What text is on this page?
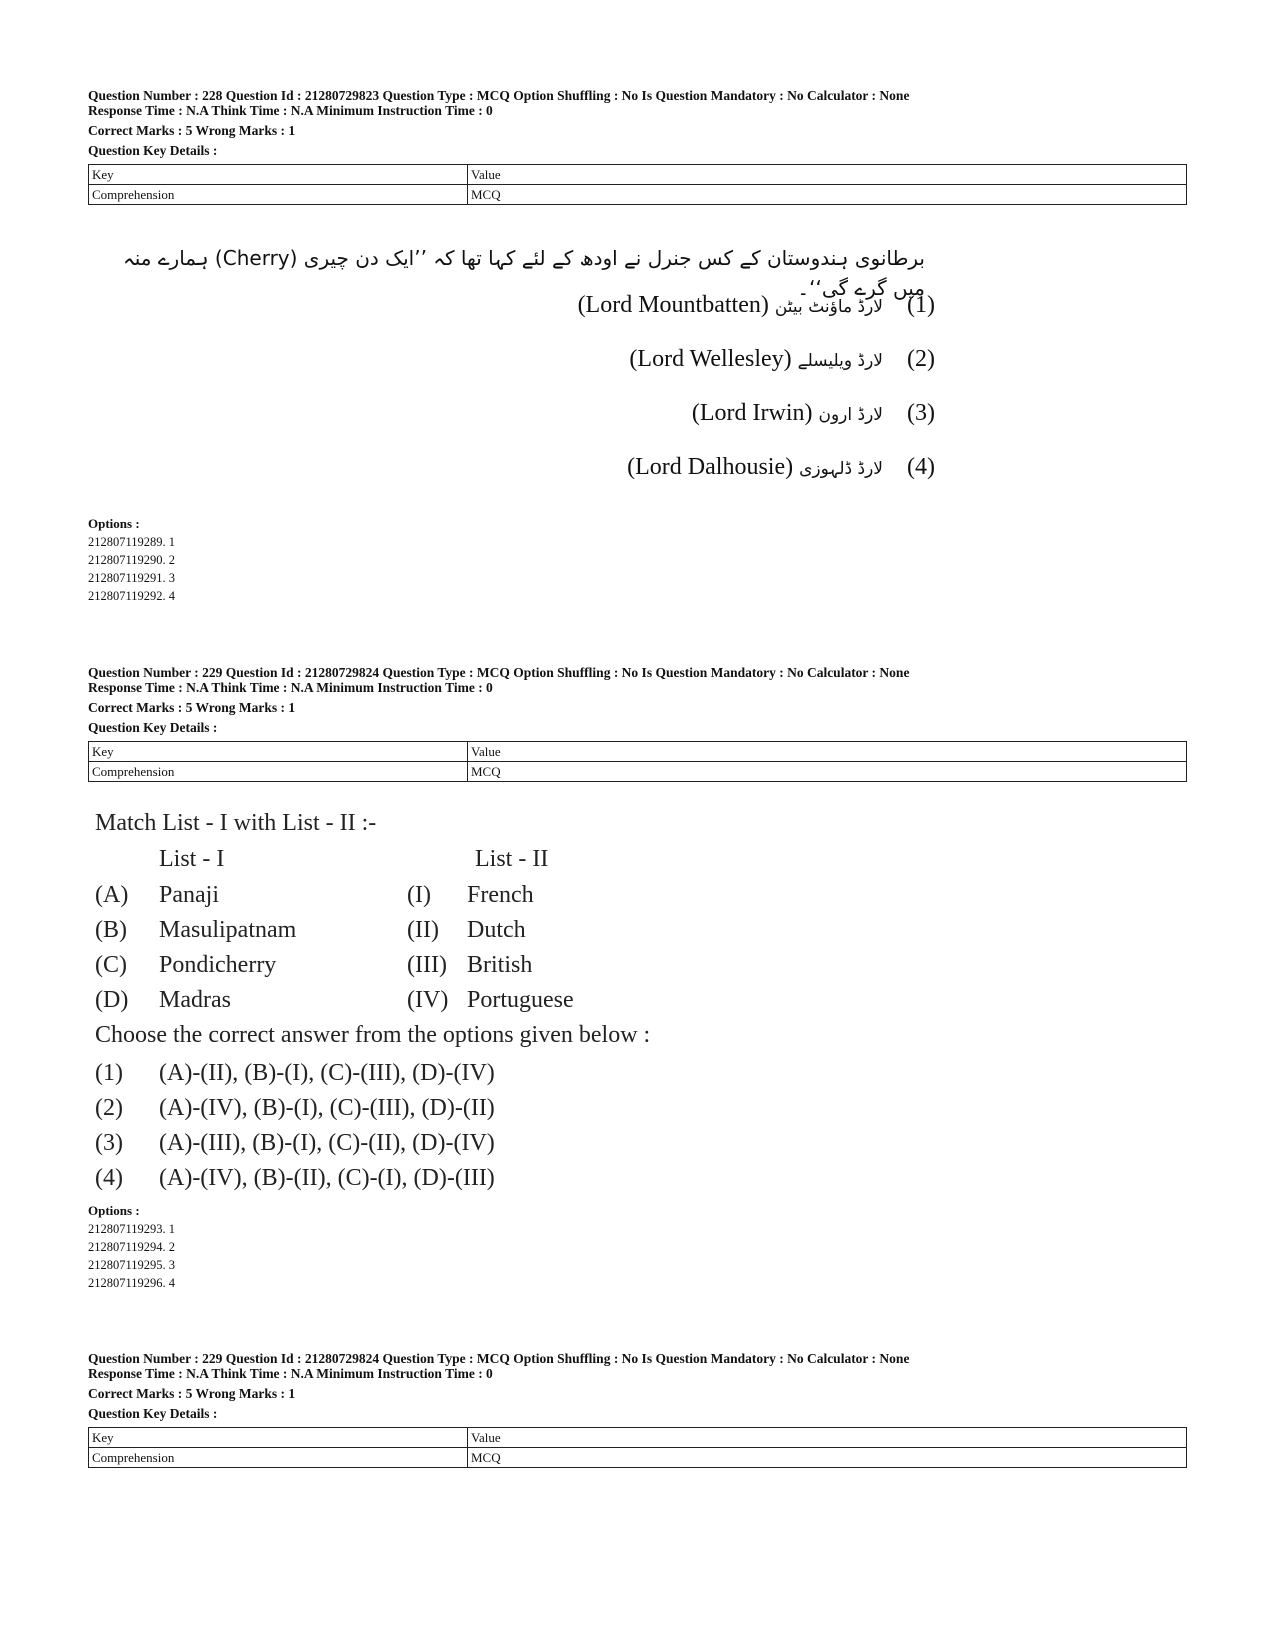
Question Number : 228 Question Id : 21280729823 Question Type : MCQ Option Shuffling : No Is Question Mandatory : No Calculator : None

Response Time : N.A Think Time : N.A Minimum Instruction Time : 0

Correct Marks : 5 Wrong Marks : 1

Question Key Details :

Key	Value
Comprehension	MCQ
برطانوی ہندوستان کے کس جنرل نے اودھ کے لئے کہا تھا کہ ’’ایک دن چیری (Cherry) ہمارے منہ میں گرے گی‘‘۔
(Lord Mountbatten) لارڈ ماؤنٹ بیٹن (1)
(Lord Wellesley) لارڈ ویلیسلے (2)
(Lord Irwin) لارڈ ارون (3)
(Lord Dalhousie) لارڈ ڈلہوزی (4)
Options :
212807119289. 1
212807119290. 2
212807119291. 3
212807119292. 4

Question Number : 229 Question Id : 21280729824 Question Type : MCQ Option Shuffling : No Is Question Mandatory : No Calculator : None

Response Time : N.A Think Time : N.A Minimum Instruction Time : 0

Correct Marks : 5 Wrong Marks : 1

Question Key Details :

Key	Value
Comprehension	MCQ
Match List - I with List - II :-
List - I	List - II
(A) Panaji	(I) French
(B) Masulipatnam	(II) Dutch
(C) Pondicherry	(III) British
(D) Madras	(IV) Portuguese
Choose the correct answer from the options given below :
(1) (A)-(II), (B)-(I), (C)-(III), (D)-(IV)
(2) (A)-(IV), (B)-(I), (C)-(III), (D)-(II)
(3) (A)-(III), (B)-(I), (C)-(II), (D)-(IV)
(4) (A)-(IV), (B)-(II), (C)-(I), (D)-(III)
Options :
212807119293. 1
212807119294. 2
212807119295. 3
212807119296. 4

Question Number : 229 Question Id : 21280729824 Question Type : MCQ Option Shuffling : No Is Question Mandatory : No Calculator : None

Response Time : N.A Think Time : N.A Minimum Instruction Time : 0

Correct Marks : 5 Wrong Marks : 1

Question Key Details :

Key	Value
Comprehension	MCQ
